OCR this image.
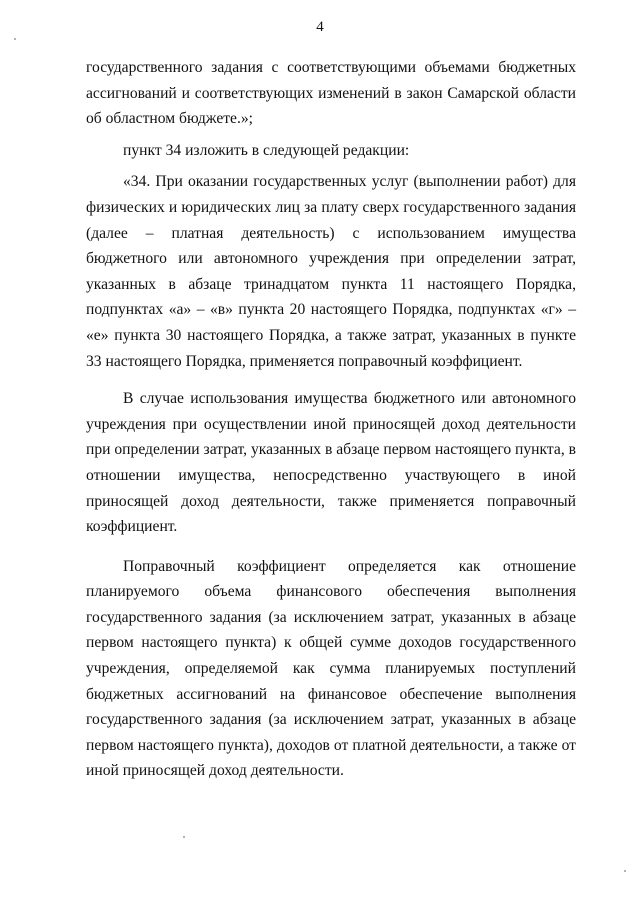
4

государственного задания с соответствующими объемами бюджетных ассигнований и соответствующих изменений в закон Самарской области об областном бюджете.»;

пункт 34 изложить в следующей редакции:

«34. При оказании государственных услуг (выполнении работ) для физических и юридических лиц за плату сверх государственного задания (далее – платная деятельность) с использованием имущества бюджетного или автономного учреждения при определении затрат, указанных в абзаце тринадцатом пункта 11 настоящего Порядка, подпунктах «а» – «в» пункта 20 настоящего Порядка, подпунктах «г» – «е» пункта 30 настоящего Порядка, а также затрат, указанных в пункте 33 настоящего Порядка, применяется поправочный коэффициент.

В случае использования имущества бюджетного или автономного учреждения при осуществлении иной приносящей доход деятельности при определении затрат, указанных в абзаце первом настоящего пункта, в отношении имущества, непосредственно участвующего в иной приносящей доход деятельности, также применяется поправочный коэффициент.

Поправочный коэффициент определяется как отношение планируемого объема финансового обеспечения выполнения государственного задания (за исключением затрат, указанных в абзаце первом настоящего пункта) к общей сумме доходов государственного учреждения, определяемой как сумма планируемых поступлений бюджетных ассигнований на финансовое обеспечение выполнения государственного задания (за исключением затрат, указанных в абзаце первом настоящего пункта), доходов от платной деятельности, а также от иной приносящей доход деятельности.
